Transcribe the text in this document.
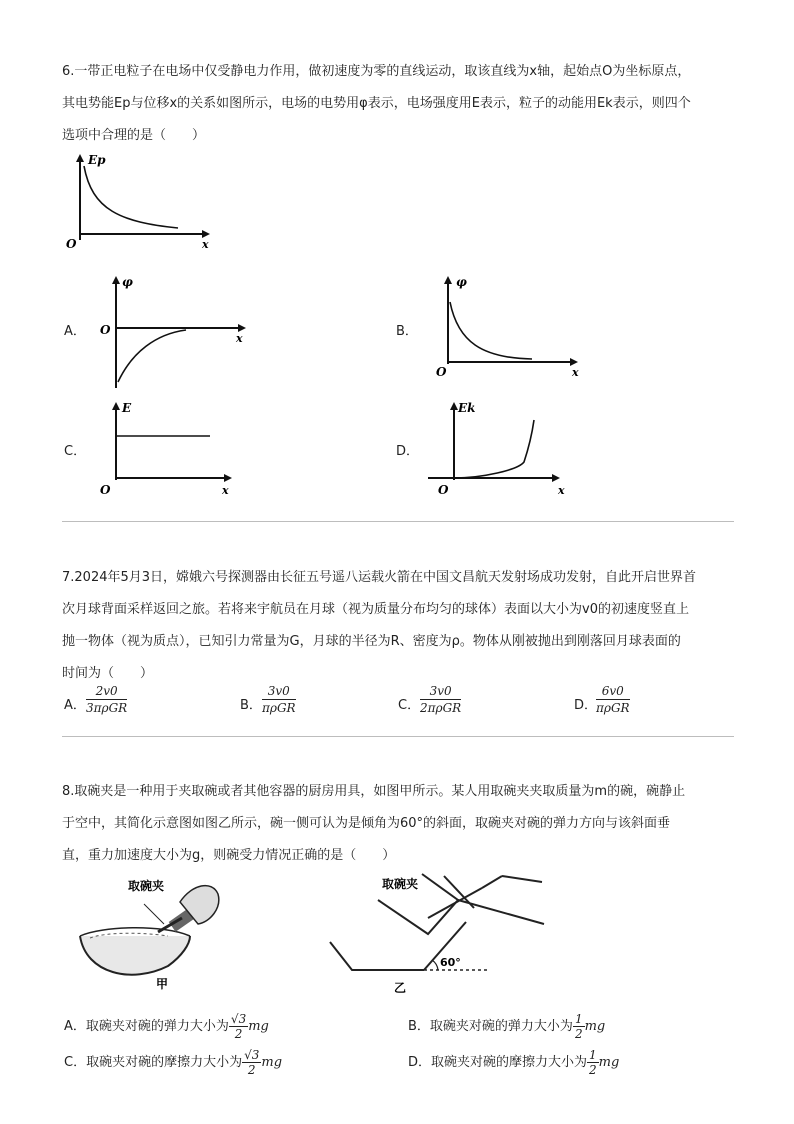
6.一带正电粒子在电场中仅受静电力作用，做初速度为零的直线运动，取该直线为x轴，起始点O为坐标原点，
其电势能Ep与位移x的关系如图所示，电场的电势用φ表示，电场强度用E表示，粒子的动能用Ek表示，则四个
选项中合理的是（　　）
Ep
O	x
A．
φ
O
x	B．
φ
O	x
C．
E
O	x
D．
Ek
O	x
7.2024年5月3日，嫦娥六号探测器由长征五号遥八运载火箭在中国文昌航天发射场成功发射，自此开启世界首
次月球背面采样返回之旅。若将来宇航员在月球（视为质量分布均匀的球体）表面以大小为v0的初速度竖直上
抛一物体（视为质点），已知引力常量为G，月球的半径为R、密度为ρ。物体从刚被抛出到刚落回月球表面的
时间为（　　）
A．
2v0
3πρGR	B．
3v0
πρGR	C．
3v0
2πρGR	D．
6v0
πρGR
8.取碗夹是一种用于夹取碗或者其他容器的厨房用具，如图甲所示。某人用取碗夹夹取质量为m的碗，碗静止
于空中，其简化示意图如图乙所示，碗一侧可认为是倾角为60°的斜面，取碗夹对碗的弹力方向与该斜面垂
直，重力加速度大小为g，则碗受力情况正确的是（　　）
取碗夹
甲
取碗夹
60°
乙
A．取碗夹对碗的弹力大小为 $\frac{√3}{2}$ mg	B．取碗夹对碗的弹力大小为 $\frac{1}{2}$ mg
C．取碗夹对碗的摩擦力大小为 $\frac{√3}{2}$ mg	D．取碗夹对碗的摩擦力大小为 $\frac{1}{2}$ mg
